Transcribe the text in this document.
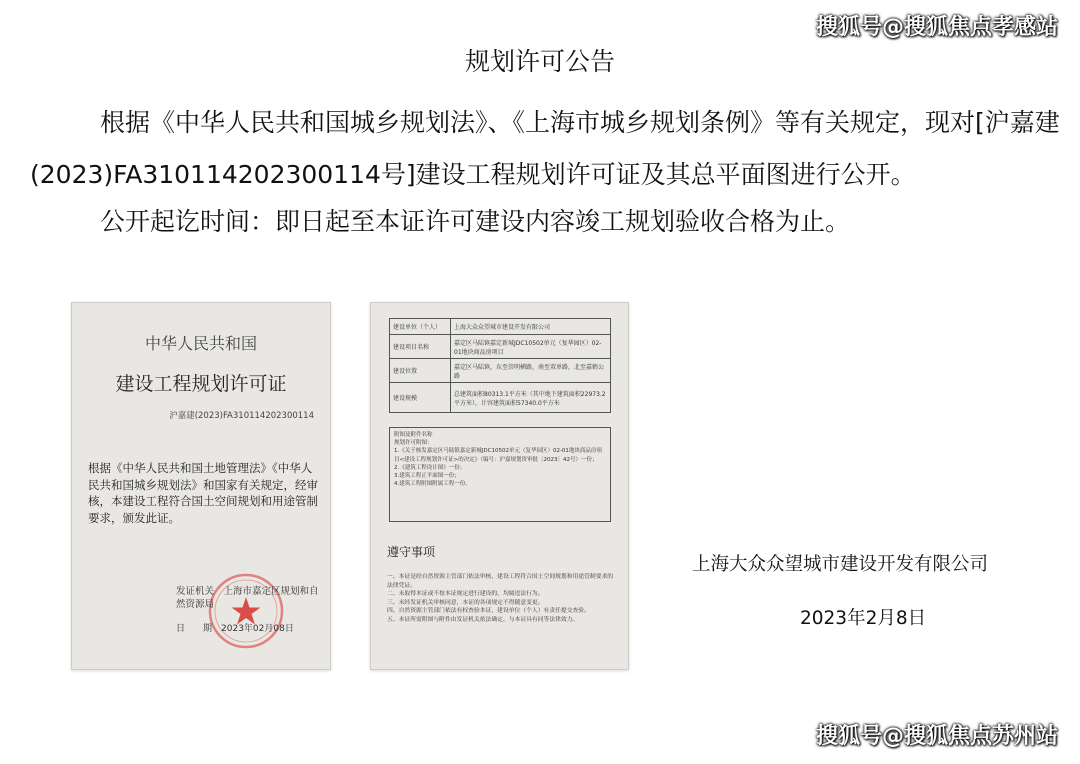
搜狐号@搜狐焦点孝感站
规划许可公告
根据《中华人民共和国城乡规划法》、《上海市城乡规划条例》等有关规定，现对[沪嘉建(2023)FA310114202300114号]建设工程规划许可证及其总平面图进行公开。
公开起讫时间：即日起至本证许可建设内容竣工规划验收合格为止。
中华人民共和国
建设工程规划许可证
沪嘉建(2023)FA310114202300114
根据《中华人民共和国土地管理法》《中华人民共和国城乡规划法》和国家有关规定，经审核，本建设工程符合国土空间规划和用途管制要求，颁发此证。
发证机关　 上海市嘉定区规划和自然资源局
日　　期　 2023年02月08日
建设单位（个人）	上海大众众望城市建设开发有限公司
建设项目名称	嘉定区马陆镇嘉定新城JDC10502单元（复华园区）02-01地块商品房项目
建设位置	嘉定区马陆镇，东至崇明横路，南至双单路，北至嘉鹤公路
建设规模	总建筑面积80313.1平方米（其中地下建筑面积22973.2平方米），计容建筑面积57340.0平方米
附图及附件名称
规划许可附图：
1.《关于核发嘉定区马陆镇嘉定新城JDC10502单元（复华园区）02-01地块商品房项目<建设工程规划许可证>的决定》（编号：沪嘉规划资审批〔2023〕42号）一份；
2.《建筑工程设计图》一份；
3.建筑工程正平面图一份；
4.建筑工程附图附属工程一份。
遵守事项
一、本证是经自然资源主管部门依法审核，建设工程符合国土空间规划和用途管制要求的法律凭证。
二、未取得本证或不按本证规定进行建设的，均属违法行为。
三、未经发证机关审核同意，本证的各项规定不得随意变更。
四、自然资源主管部门依法有权查验本证，建设单位（个人）有责任提交查验。
五、本证所需附图与附件由发证机关依法确定，与本证具有同等法律效力。
上海大众众望城市建设开发有限公司
2023年2月8日
搜狐号@搜狐焦点苏州站
